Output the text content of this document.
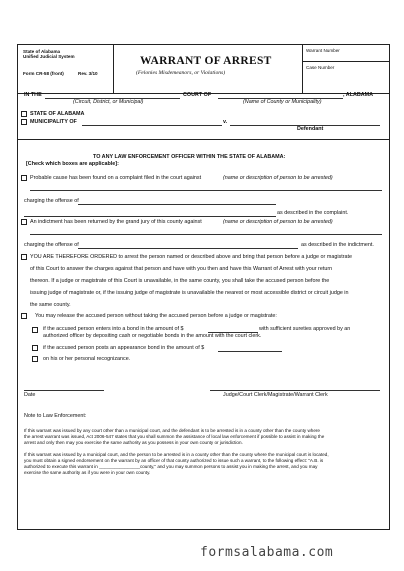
State of Alabama
Unified Judicial System
Form CR-58 (front)	Rev. 3/10
WARRANT OF ARREST
(Felonies Misdemeanors, or Violations)
Warrant Number
Case Number
IN THE	COURT OF	, ALABAMA
(Circuit, District, or Municipal)	(Name of County or Municipality)
STATE OF ALABAMA
MUNICIPALITY OF	v.
Defendant
TO ANY LAW ENFORCEMENT OFFICER WITHIN THE STATE OF ALABAMA:
[Check which boxes are applicable]:
Probable cause has been found on a complaint filed in the court against	(name or description of person to be arrested)
charging the offense of
as described in the complaint.
An indictment has been returned by the grand jury of this county against	(name or description of person to be arrested)
charging the offense of	as described in the indictment.
YOU ARE THEREFORE ORDERED to arrest the person named or described above and bring that person before a judge or magistrate
of this Court to answer the charges against that person and have with you then and have this Warrant of Arrest with your return
thereon. If a judge or magistrate of this Court is unavailable, in the same county, you shall take the accused person before the
issuing judge of magistrate or, if the issuing judge of magistrate is unavailable the nearest or most accessible district or circuit judge in
the same county.
You may release the accused person without taking the accused person before a judge or magistrate:
if the accused person enters into a bond in the amount of $	with sufficient sureties approved by an
authorized officer by depositing cash or negotiable bonds in the amount with the court clerk.
if the accused person posts an appearance bond in the amount of $
on his or her personal recognizance.
Date	Judge/Court Clerk/Magistrate/Warrant Clerk
Note to Law Enforcement:
If this warrant was issued by any court other than a municipal court, and the defendant is to be arrested is in a county other than the county where
the arrest warrant was issued, Act 2006-547 states that you shall summon the assistance of local law enforcement if possible to assist in making the
arrest and only then may you exercise the same authority as you possess in your own county or jurisdiction.
If this warrant was issued by a municipal court, and the person to be arrested is in a county other than the county where the municipal court is located,
you must obtain a signed endorsement on the warrant by an officer of that county authorized to issue such a warrant, to the following effect: "A.B. is
authorized to execute this warrant in ________________county," and you may summon persons to assist you in making the arrest, and you may
exercise the same authority as if you were in your own county.
formsalabama.com
